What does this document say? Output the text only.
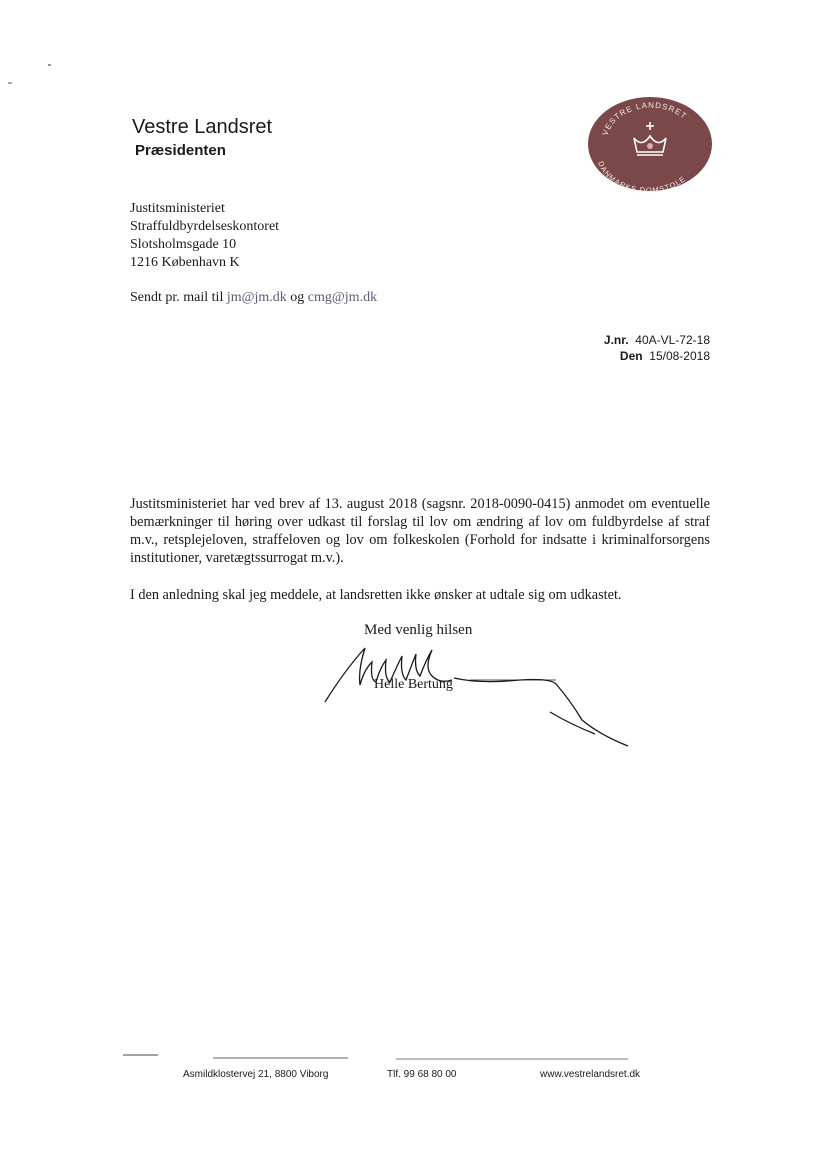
Vestre Landsret
Præsidenten
VESTRE LANDSRET
DANMARKS DOMSTOLE
Justitsministeriet
Straffuldbyrdelseskontoret
Slotsholmsgade 10
1216 København K
Sendt pr. mail til jm@jm.dk og cmg@jm.dk
J.nr. 40A-VL-72-18
Den 15/08-2018
Justitsministeriet har ved brev af 13. august 2018 (sagsnr. 2018-0090-0415) anmodet om eventuelle bemærkninger til høring over udkast til forslag til lov om ændring af lov om fuldbyrdelse af straf m.v., retsplejeloven, straffeloven og lov om folkeskolen (Forhold for indsatte i kriminalforsorgens institutioner, varetægtssurrogat m.v.).
I den anledning skal jeg meddele, at landsretten ikke ønsker at udtale sig om udkastet.
Med venlig hilsen
Helle Bertung
Asmildklostervej 21, 8800 Viborg	Tlf. 99 68 80 00	www.vestrelandsret.dk
